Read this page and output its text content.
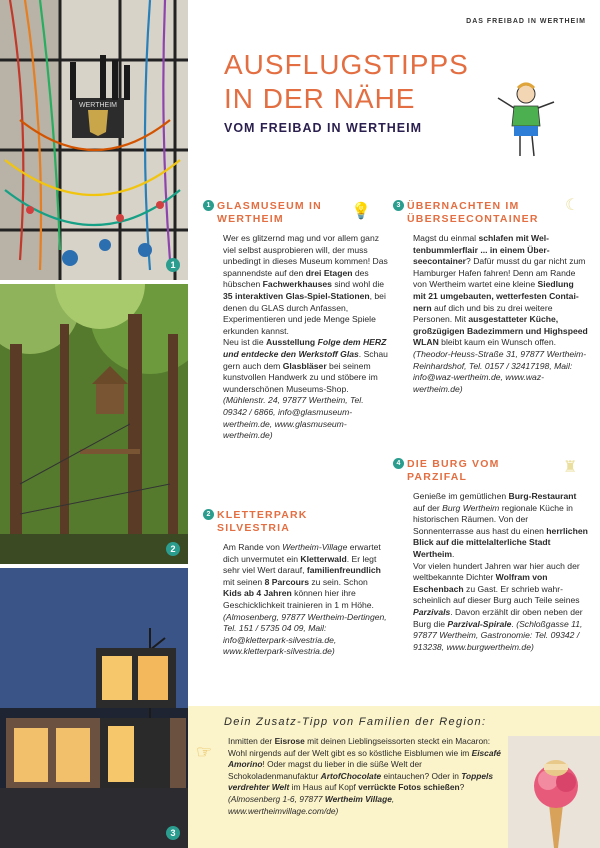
WERTHEIM
1
2
3
DAS FREIBAD IN WERTHEIM
AUSFLUGSTIPPS
IN DER NÄHE
VOM FREIBAD IN WERTHEIM
1 GLASMUSEUM IN
WERTHEIM
Wer es glitzernd mag und vor allem ganz viel selbst ausprobieren will, der muss unbedingt in dieses Museum kommen! Das spannendste auf den drei Etagen des hübschen Fachwerkhauses sind wohl die 35 interaktiven Glas-Spiel-Stationen, bei denen du GLAS durch Anfassen, Experimentieren und jede Menge Spiele erkunden kannst.
Neu ist die Ausstellung Folge dem HERZ und entdecke den Werkstoff Glas. Schau gern auch dem Glasbläser bei seinem kunstvollen Handwerk zu und stöbere im wunderschönen Museums-Shop. (Mühlenstr. 24, 97877 Wertheim, Tel. 09342 / 6866, info@glasmuseum-wertheim.de, www.glasmuseum-wertheim.de)
💡
2 KLETTERPARK
SILVESTRIA
Am Rande von Wertheim-Village erwartet dich unvermutet ein Kletterwald. Er legt sehr viel Wert darauf, familienfreundlich mit seinen 8 Parcours zu sein. Schon Kids ab 4 Jahren können hier ihre Geschicklichkeit trainieren in 1 m Höhe. (Almosenberg, 97877 Wertheim-Dertingen, Tel. 151 / 5735 04 09, Mail: info@kletterpark-silvestria.de, www.kletterpark-silvestria.de)
3 ÜBERNACHTEN IM
ÜBERSEECONTAINER
Magst du einmal schlafen mit Weltenbummlerflair ... in einem Überseecontainer? Dafür musst du gar nicht zum Hamburger Hafen fahren! Denn am Rande von Wertheim wartet eine kleine Siedlung mit 21 umgebauten, wetterfesten Containern auf dich und bis zu drei weitere Personen. Mit ausgestatteter Küche, großzügigen Badezimmern und Highspeed WLAN bleibt kaum ein Wunsch offen. (Theodor-Heuss-Straße 31, 97877 Wertheim-Reinhardshof, Tel. 0157 / 32417198, Mail: info@waz-wertheim.de, www.waz-wertheim.de)
☾
4 DIE BURG VOM
PARZIFAL
Genieße im gemütlichen Burg-Restaurant auf der Burg Wertheim regionale Küche in historischen Räumen. Von der Sonnenterrasse aus hast du einen herrlichen Blick auf die mittelalterliche Stadt Wertheim.
Vor vielen hundert Jahren war hier auch der weltbekannte Dichter Wolfram von Eschenbach zu Gast. Er schrieb wahrscheinlich auf dieser Burg auch Teile seines Parzivals. Davon erzählt dir oben neben der Burg die Parzival-Spirale. (Schloßgasse 11, 97877 Wertheim, Gastronomie: Tel. 09342 / 913238, www.burgwertheim.de)
♜
Dein Zusatz-Tipp von Familien der Region:
☞
Inmitten der Eisrose mit deinen Lieblingseissorten steckt ein Macaron: Wohl nirgends auf der Welt gibt es so köstliche Eisblumen wie im Eiscafé Amorino! Oder magst du lieber in die süße Welt der Schokoladenmanufaktur ArtofChocolate eintauchen? Oder in Toppels verdrehter Welt im Haus auf Kopf verrückte Fotos schießen? (Almosenberg 1-6, 97877 Wertheim Village, www.wertheimvillage.com/de)
